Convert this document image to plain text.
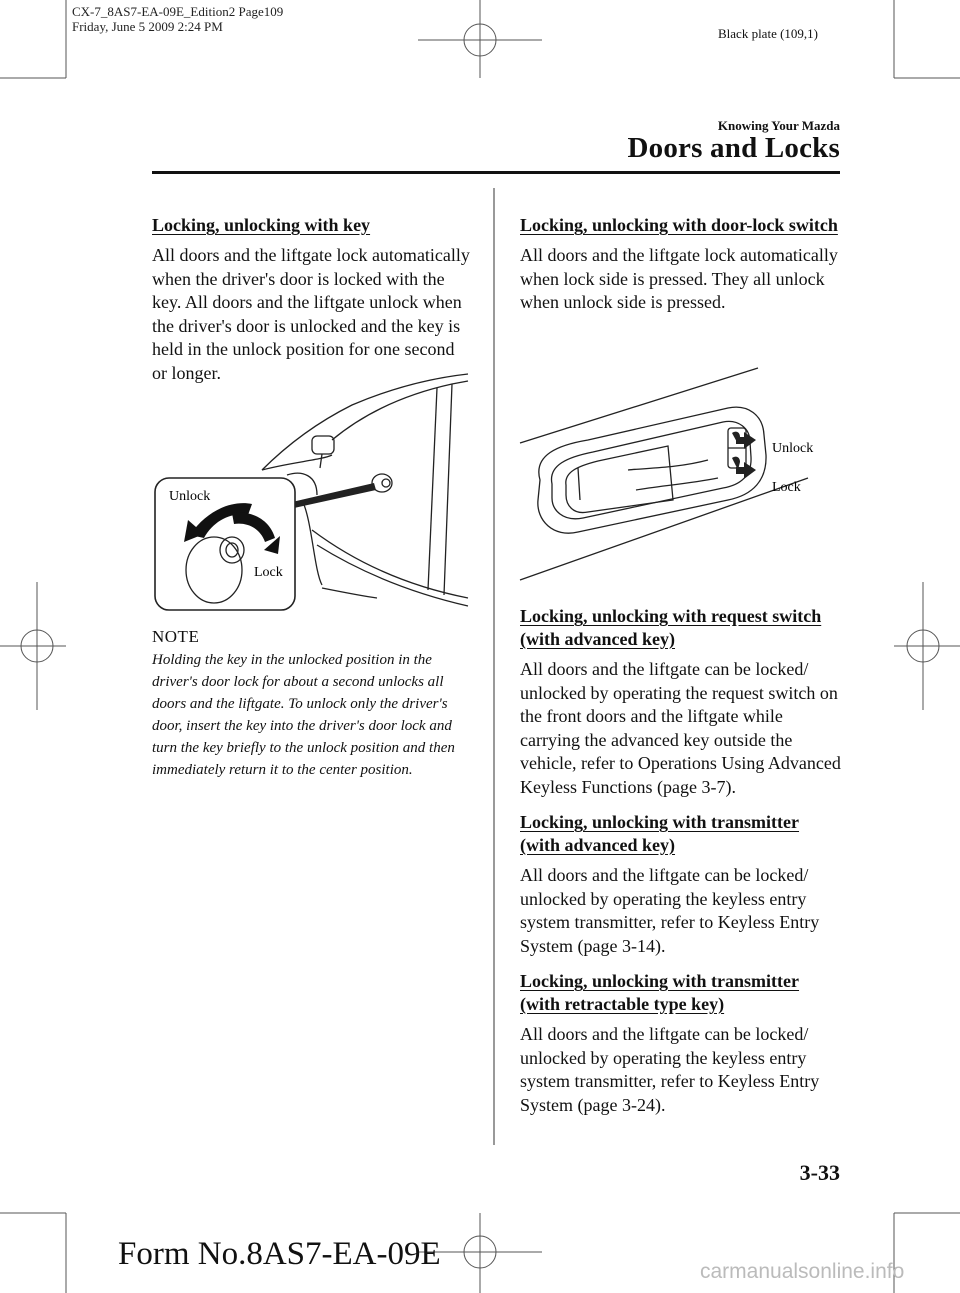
CX-7_8AS7-EA-09E_Edition2 Page109
Friday, June 5 2009 2:24 PM	Black plate (109,1)
Knowing Your Mazda
Doors and Locks
Locking, unlocking with key
All doors and the liftgate lock automatically when the driver's door is locked with the key. All doors and the liftgate unlock when the driver's door is unlocked and the key is held in the unlock position for one second or longer.
Unlock
Lock
NOTE
Holding the key in the unlocked position in the driver's door lock for about a second unlocks all doors and the liftgate. To unlock only the driver's door, insert the key into the driver's door lock and turn the key briefly to the unlock position and then immediately return it to the center position.
Locking, unlocking with door-lock switch
All doors and the liftgate lock automatically when lock side is pressed. They all unlock when unlock side is pressed.
Unlock
Lock
Locking, unlocking with request switch (with advanced key)
All doors and the liftgate can be locked/ unlocked by operating the request switch on the front doors and the liftgate while carrying the advanced key outside the vehicle, refer to Operations Using Advanced Keyless Functions (page 3-7).
Locking, unlocking with transmitter (with advanced key)
All doors and the liftgate can be locked/ unlocked by operating the keyless entry system transmitter, refer to Keyless Entry System (page 3-14).
Locking, unlocking with transmitter (with retractable type key)
All doors and the liftgate can be locked/ unlocked by operating the keyless entry system transmitter, refer to Keyless Entry System (page 3-24).
3-33
Form No.8AS7-EA-09E	carmanualsonline.info
